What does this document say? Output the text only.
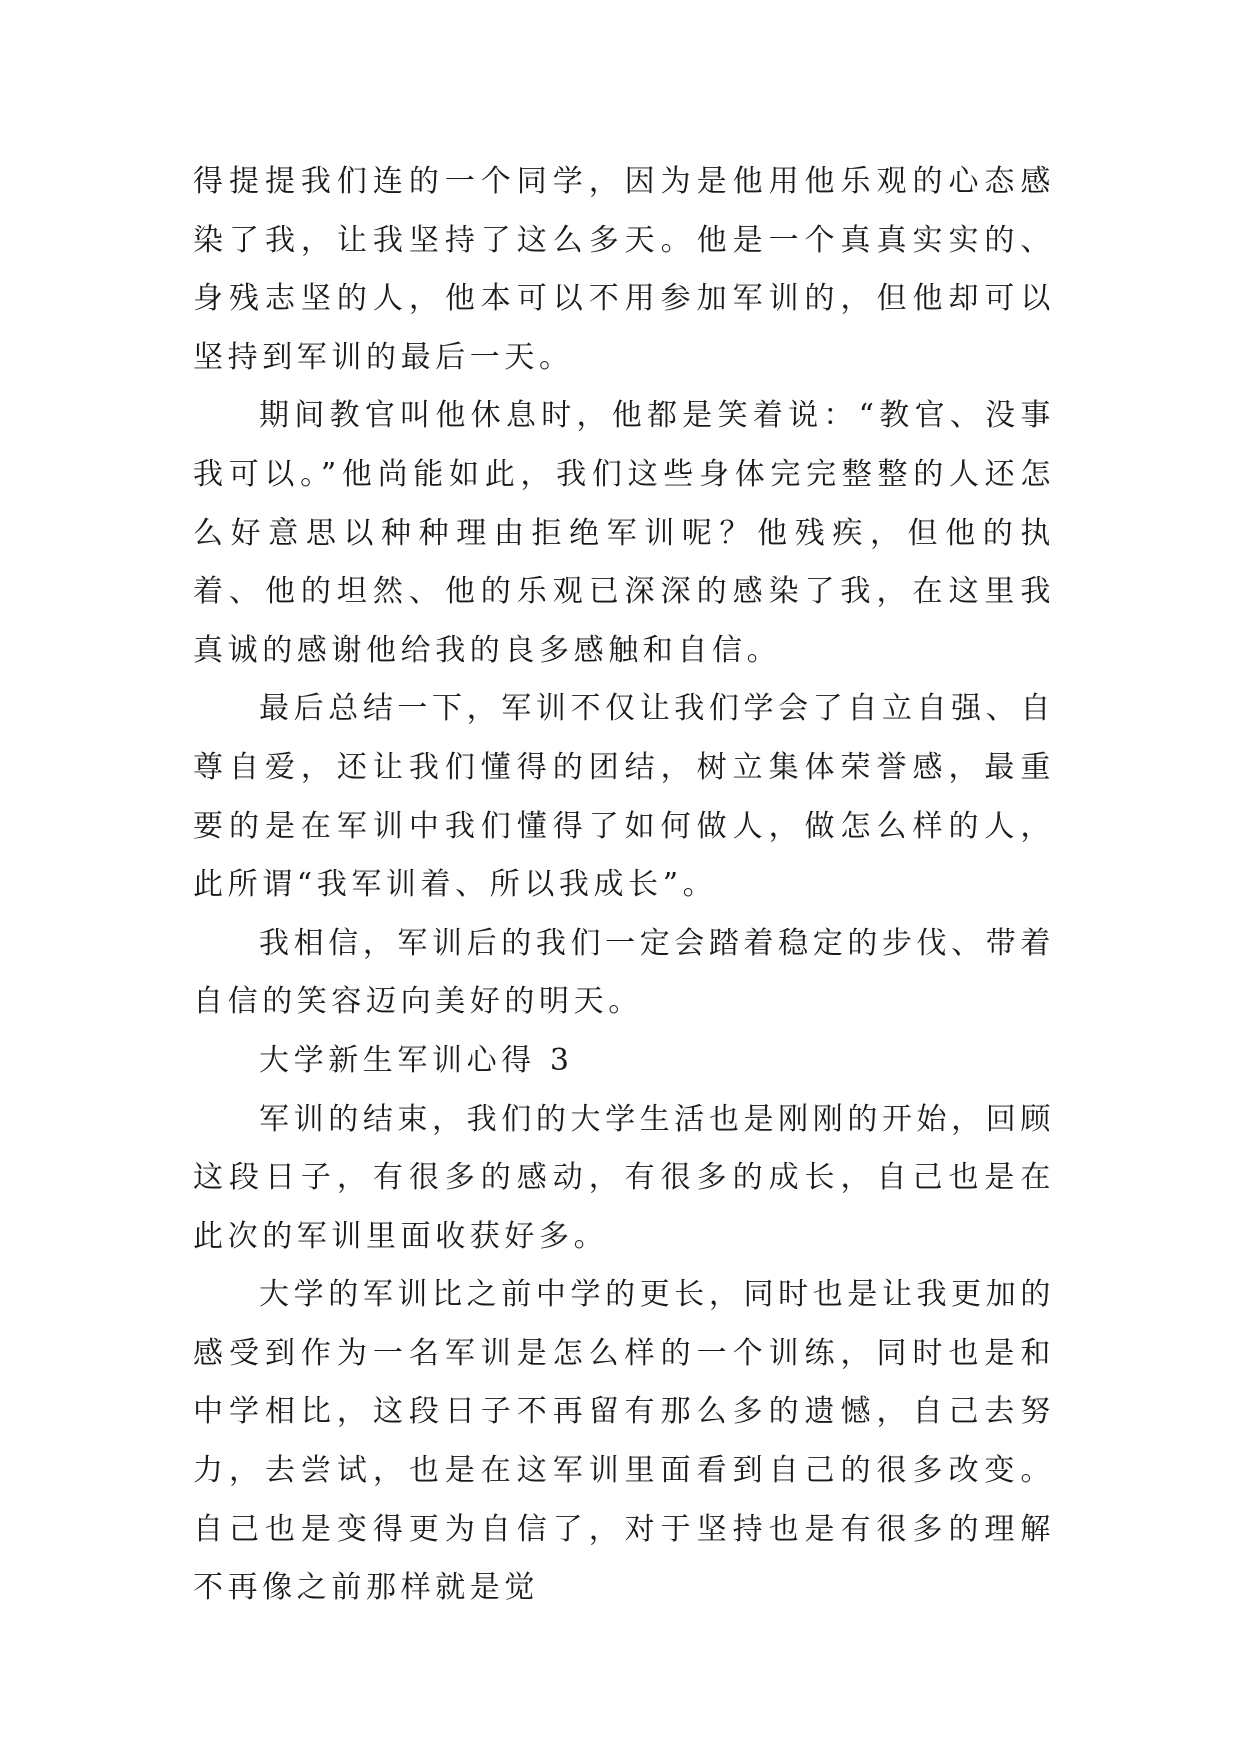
得提提我们连的一个同学，因为是他用他乐观的心态感染了我，让我坚持了这么多天。他是一个真真实实的、身残志坚的人，他本可以不用参加军训的，但他却可以坚持到军训的最后一天。

期间教官叫他休息时，他都是笑着说：“教官、没事我可以。”他尚能如此，我们这些身体完完整整的人还怎么好意思以种种理由拒绝军训呢？他残疾，但他的执着、他的坦然、他的乐观已深深的感染了我，在这里我真诚的感谢他给我的良多感触和自信。

最后总结一下，军训不仅让我们学会了自立自强、自尊自爱，还让我们懂得的团结，树立集体荣誉感，最重要的是在军训中我们懂得了如何做人，做怎么样的人，此所谓“我军训着、所以我成长”。

我相信，军训后的我们一定会踏着稳定的步伐、带着自信的笑容迈向美好的明天。

大学新生军训心得 3

军训的结束，我们的大学生活也是刚刚的开始，回顾这段日子，有很多的感动，有很多的成长，自己也是在此次的军训里面收获好多。

大学的军训比之前中学的更长，同时也是让我更加的感受到作为一名军训是怎么样的一个训练，同时也是和中学相比，这段日子不再留有那么多的遗憾，自己去努力，去尝试，也是在这军训里面看到自己的很多改变。自己也是变得更为自信了，对于坚持也是有很多的理解不再像之前那样就是觉
